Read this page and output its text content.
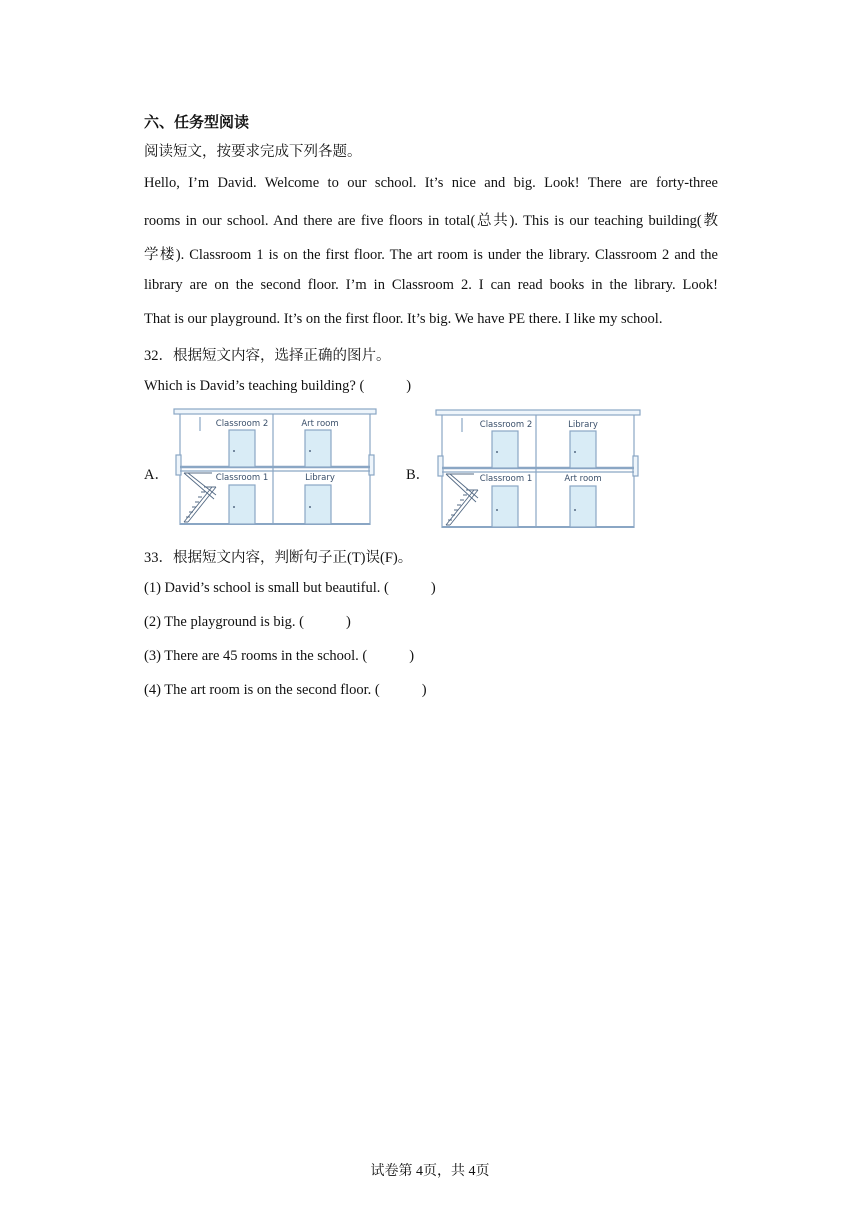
六、任务型阅读
阅读短文，按要求完成下列各题。
Hello, I’m David. Welcome to our school. It’s nice and big. Look! There are forty-three
rooms in our school. And there are five floors in total(总共). This is our teaching building(教
学楼). Classroom 1 is on the first floor. The art room is under the library. Classroom 2 and the
library are on the second floor. I’m in Classroom 2. I can read books in the library. Look!
That is our playground. It’s on the first floor. It’s big. We have PE there. I like my school.
32．根据短文内容，选择正确的图片。
Which is David’s teaching building? (	)
A．
Classroom 2	Art room
Classroom 1	Library	B．
Classroom 2	Library
Classroom 1	Art room
33．根据短文内容，判断句子正(T)误(F)。
(1) David’s school is small but beautiful. (	)
(2) The playground is big. (	)
(3) There are 45 rooms in the school. (	)
(4) The art room is on the second floor. (	)
试卷第 4页，共 4页
